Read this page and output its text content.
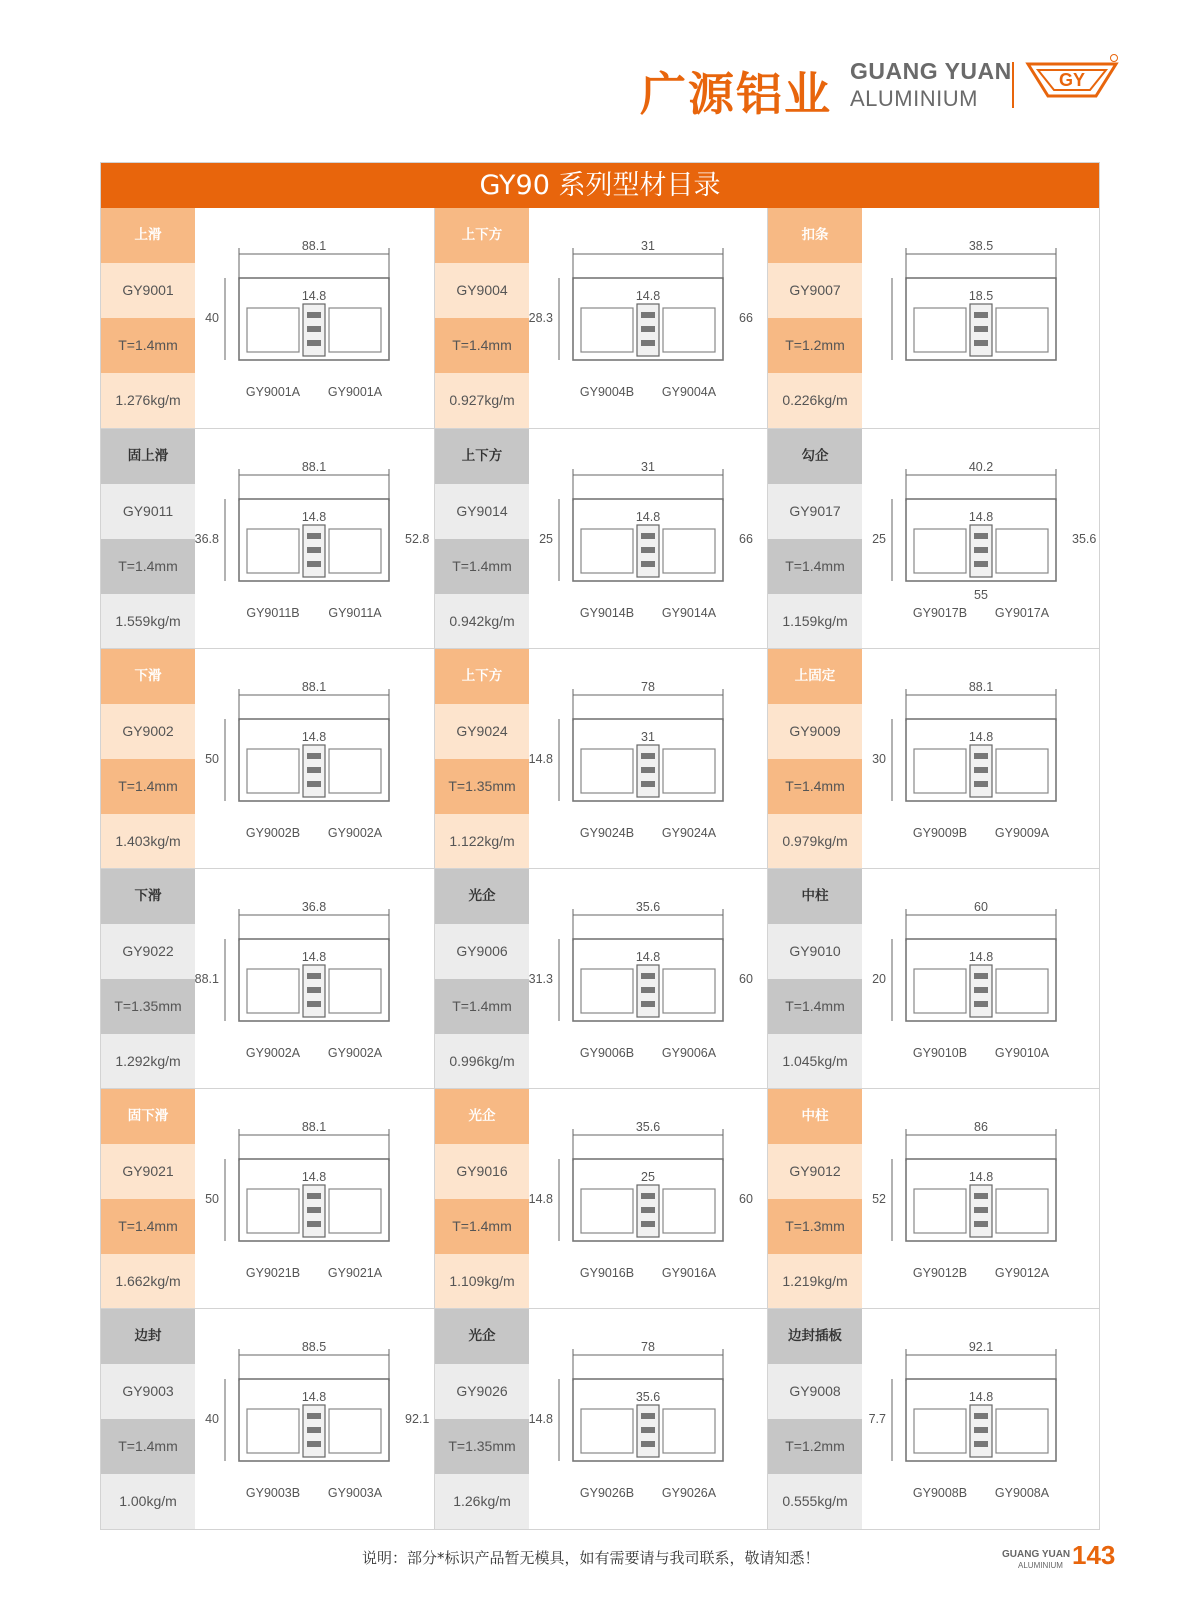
广源铝业 GUANG YUAN
ALUMINIUM
GY
GY90 系列型材目录
上滑
GY9001
T=1.4mm
1.276kg/m
88.1
14.8
40
GY9001A GY9001A
上下方
GY9004
T=1.4mm
0.927kg/m
31
14.8
28.3	66
GY9004B GY9004A
扣条
GY9007
T=1.2mm
0.226kg/m
38.5
18.5
固上滑
GY9011
T=1.4mm
1.559kg/m
88.1
14.8
36.8	52.8
GY9011B GY9011A
上下方
GY9014
T=1.4mm
0.942kg/m
31
14.8
25	66
GY9014B GY9014A
勾企
GY9017
T=1.4mm
1.159kg/m
40.2
14.8
25	35.6
55
GY9017B GY9017A
下滑
GY9002
T=1.4mm
1.403kg/m
88.1
14.8
50
GY9002B GY9002A
上下方
GY9024
T=1.35mm
1.122kg/m
78
31
14.8
GY9024B GY9024A
上固定
GY9009
T=1.4mm
0.979kg/m
88.1
14.8
30
GY9009B GY9009A
下滑
GY9022
T=1.35mm
1.292kg/m
36.8
14.8
88.1
GY9002A GY9002A
光企
GY9006
T=1.4mm
0.996kg/m
35.6
14.8
31.3	60
GY9006B GY9006A
中柱
GY9010
T=1.4mm
1.045kg/m
60
14.8
20
GY9010B GY9010A
固下滑
GY9021
T=1.4mm
1.662kg/m
88.1
14.8
50
GY9021B GY9021A
光企
GY9016
T=1.4mm
1.109kg/m
35.6
25
14.8	60
GY9016B GY9016A
中柱
GY9012
T=1.3mm
1.219kg/m
86
14.8
52
GY9012B GY9012A
边封
GY9003
T=1.4mm
1.00kg/m
88.5
14.8
40	92.1
GY9003B GY9003A
光企
GY9026
T=1.35mm
1.26kg/m
78
35.6
14.8
GY9026B GY9026A
边封插板
GY9008
T=1.2mm
0.555kg/m
92.1
14.8
7.7
GY9008B GY9008A
说明：部分*标识产品暂无模具，如有需要请与我司联系，敬请知悉！	GUANG YUAN
ALUMINIUM 143
